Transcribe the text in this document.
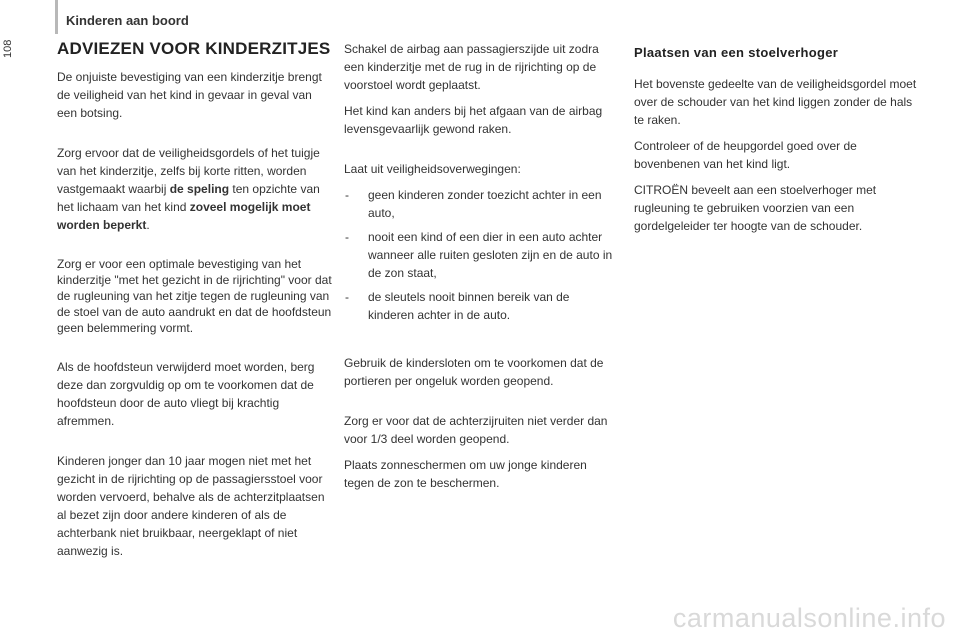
Kinderen aan boord
108	ADVIEZEN VOOR KINDERZITJES

De onjuiste bevestiging van een kinderzitje brengt de veiligheid van het kind in gevaar in geval van een botsing.

Zorg ervoor dat de veiligheidsgordels of het tuigje van het kinderzitje, zelfs bij korte ritten, worden vastgemaakt waarbij de speling ten opzichte van het lichaam van het kind zoveel mogelijk moet worden beperkt.

Zorg er voor een optimale bevestiging van het kinderzitje "met het gezicht in de rijrichting" voor dat de rugleuning van het zitje tegen de rugleuning van de stoel van de auto aandrukt en dat de hoofdsteun geen belemmering vormt.

Als de hoofdsteun verwijderd moet worden, berg deze dan zorgvuldig op om te voorkomen dat de hoofdsteun door de auto vliegt bij krachtig afremmen.

Kinderen jonger dan 10 jaar mogen niet met het gezicht in de rijrichting op de passagiersstoel voor worden vervoerd, behalve als de achterzitplaatsen al bezet zijn door andere kinderen of als de achterbank niet bruikbaar, neergeklapt of niet aanwezig is.

Schakel de airbag aan passagierszijde uit zodra een kinderzitje met de rug in de rijrichting op de voorstoel wordt geplaatst.

Het kind kan anders bij het afgaan van de airbag levensgevaarlijk gewond raken.

Laat uit veiligheidsoverwegingen:

- geen kinderen zonder toezicht achter in een auto,
- nooit een kind of een dier in een auto achter wanneer alle ruiten gesloten zijn en de auto in de zon staat,
- de sleutels nooit binnen bereik van de kinderen achter in de auto.

Gebruik de kindersloten om te voorkomen dat de portieren per ongeluk worden geopend.

Zorg er voor dat de achterzijruiten niet verder dan voor 1/3 deel worden geopend.

Plaats zonneschermen om uw jonge kinderen tegen de zon te beschermen.

Plaatsen van een stoelverhoger

Het bovenste gedeelte van de veiligheidsgordel moet over de schouder van het kind liggen zonder de hals te raken.

Controleer of de heupgordel goed over de bovenbenen van het kind ligt.

CITROËN beveelt aan een stoelverhoger met rugleuning te gebruiken voorzien van een gordelgeleider ter hoogte van de schouder.

carmanualsonline.info
